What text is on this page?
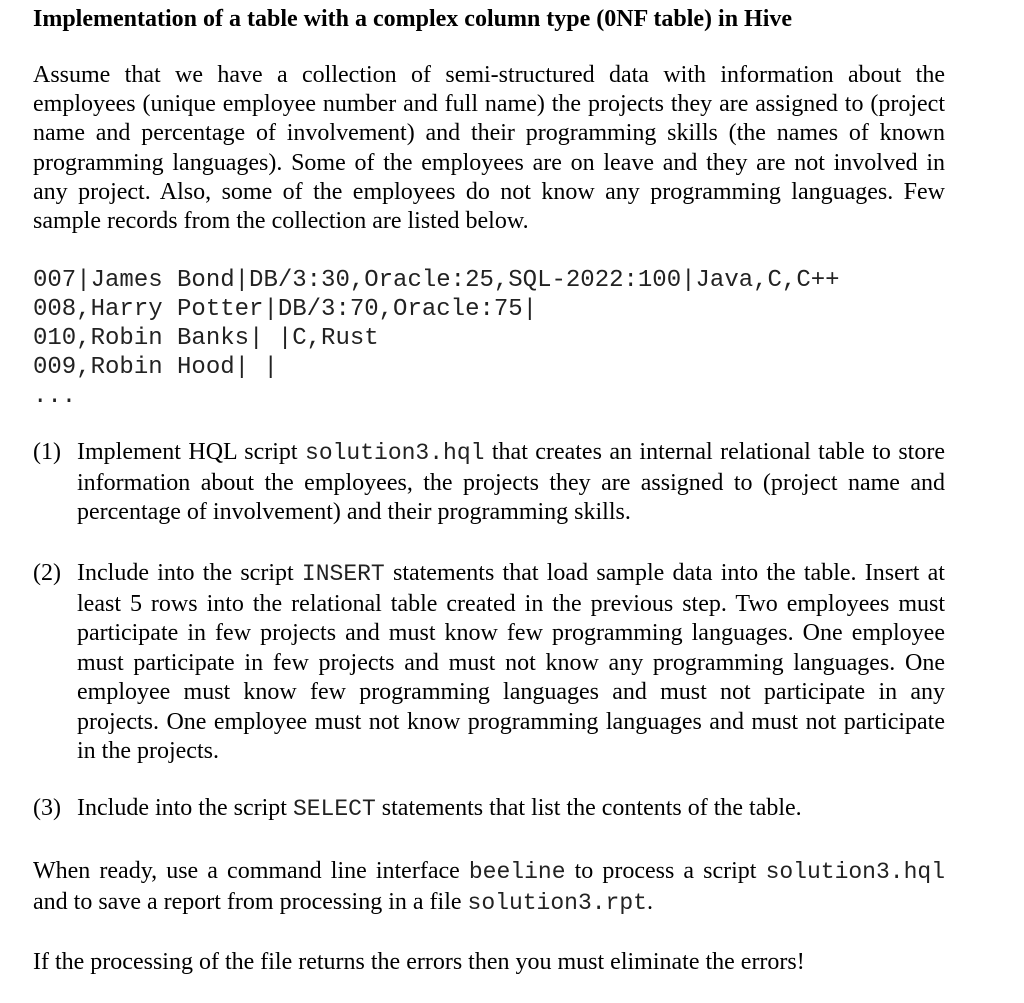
Implementation of a table with a complex column type (0NF table) in Hive

Assume that we have a collection of semi-structured data with information about the employees (unique employee number and full name) the projects they are assigned to (project name and percentage of involvement) and their programming skills (the names of known programming languages). Some of the employees are on leave and they are not involved in any project. Also, some of the employees do not know any programming languages. Few sample records from the collection are listed below.

007|James Bond|DB/3:30,Oracle:25,SQL-2022:100|Java,C,C++
008,Harry Potter|DB/3:70,Oracle:75|
010,Robin Banks| |C,Rust
009,Robin Hood| |
...
(1) Implement HQL script solution3.hql that creates an internal relational table to store information about the employees, the projects they are assigned to (project name and percentage of involvement) and their programming skills.
(2) Include into the script INSERT statements that load sample data into the table. Insert at least 5 rows into the relational table created in the previous step. Two employees must participate in few projects and must know few programming languages. One employee must participate in few projects and must not know any programming languages. One employee must know few programming languages and must not participate in any projects. One employee must not know programming languages and must not participate in the projects.
(3) Include into the script SELECT statements that list the contents of the table.

When ready, use a command line interface beeline to process a script solution3.hql and to save a report from processing in a file solution3.rpt.

If the processing of the file returns the errors then you must eliminate the errors!
